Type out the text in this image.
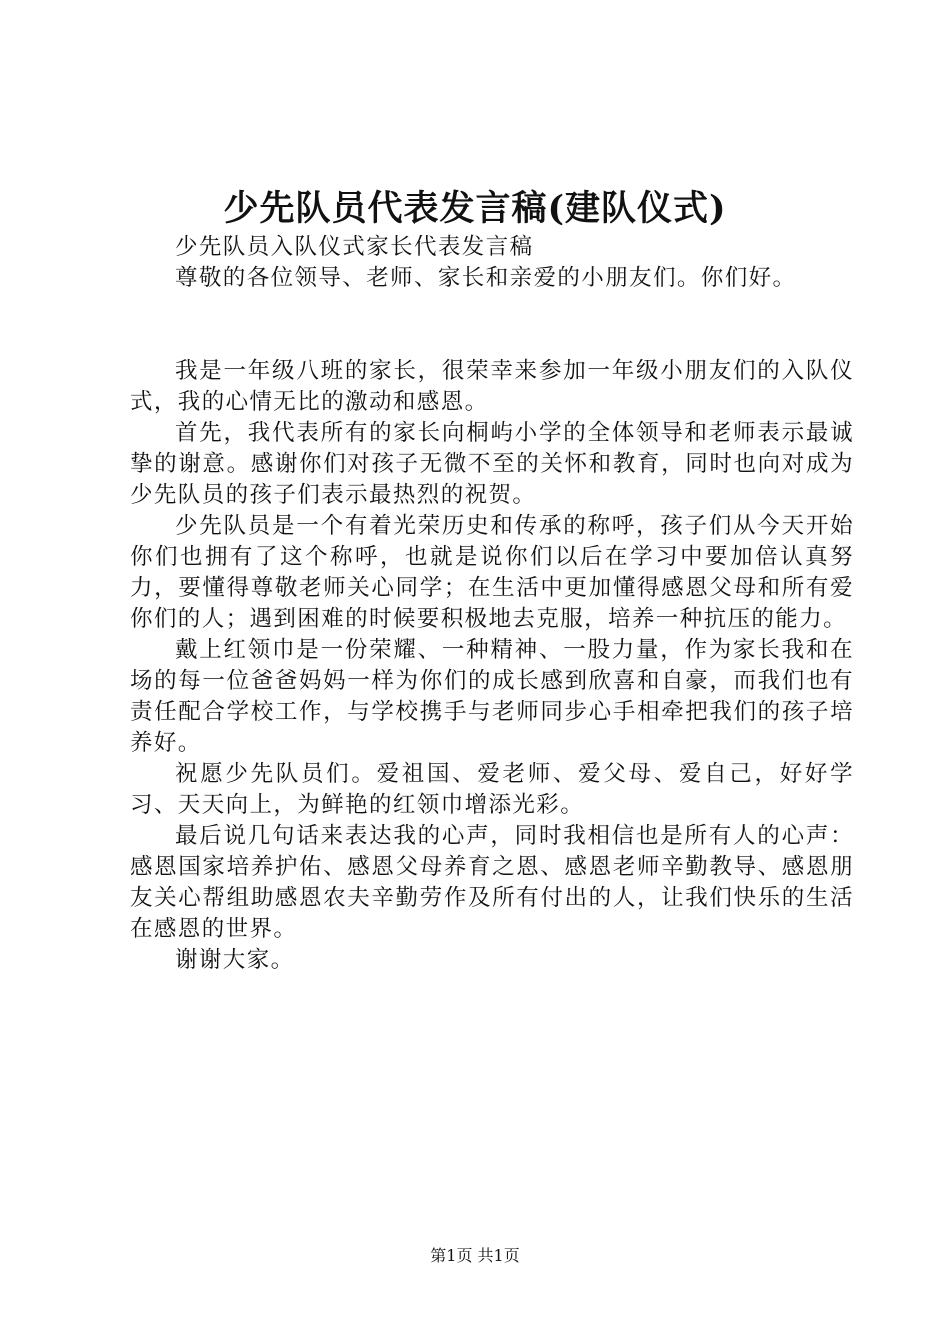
少先队员代表发言稿(建队仪式)

少先队员入队仪式家长代表发言稿

尊敬的各位领导、老师、家长和亲爱的小朋友们。你们好。

我是一年级八班的家长，很荣幸来参加一年级小朋友们的入队仪式，我的心情无比的激动和感恩。

首先，我代表所有的家长向桐屿小学的全体领导和老师表示最诚挚的谢意。感谢你们对孩子无微不至的关怀和教育，同时也向对成为少先队员的孩子们表示最热烈的祝贺。

少先队员是一个有着光荣历史和传承的称呼，孩子们从今天开始你们也拥有了这个称呼，也就是说你们以后在学习中要加倍认真努力，要懂得尊敬老师关心同学；在生活中更加懂得感恩父母和所有爱你们的人；遇到困难的时候要积极地去克服，培养一种抗压的能力。

戴上红领巾是一份荣耀、一种精神、一股力量，作为家长我和在场的每一位爸爸妈妈一样为你们的成长感到欣喜和自豪，而我们也有责任配合学校工作，与学校携手与老师同步心手相牵把我们的孩子培养好。

祝愿少先队员们。爱祖国、爱老师、爱父母、爱自己，好好学习、天天向上，为鲜艳的红领巾增添光彩。

最后说几句话来表达我的心声，同时我相信也是所有人的心声：感恩国家培养护佑、感恩父母养育之恩、感恩老师辛勤教导、感恩朋友关心帮组助感恩农夫辛勤劳作及所有付出的人，让我们快乐的生活在感恩的世界。

谢谢大家。

第1页 共1页
